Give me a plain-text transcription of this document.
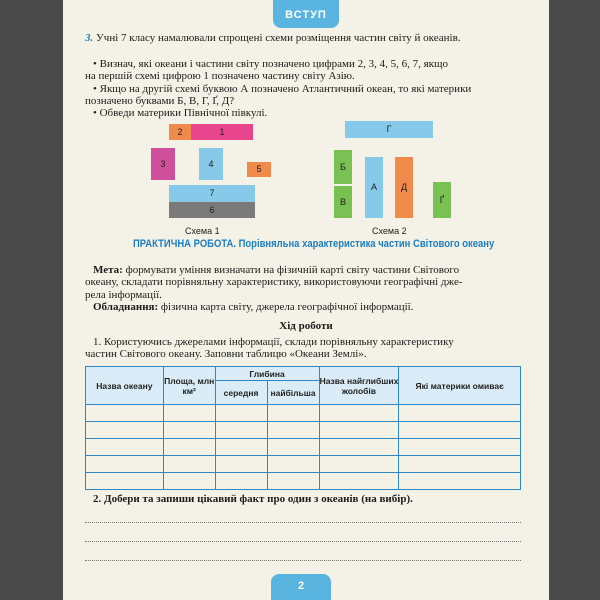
ВСТУП
3. Учні 7 класу намалювали спрощені схеми розміщення частин світу й океанів.
• Визнач, які океани і частини світу позначено цифрами 2, 3, 4, 5, 6, 7, якщо
на першій схемі цифрою 1 позначено частину світу Азію.
• Якщо на другій схемі буквою А позначено Атлантичний океан, то які материки
позначено буквами Б, В, Г, Ґ, Д?
• Обведи материки Північної півкулі.
2	1
3	4	5
7
6
Схема 1
Г
Б
В
А	Д
Ґ
Схема 2
ПРАКТИЧНА РОБОТА. Порівняльна характеристика частин Світового океану
Мета: формувати уміння визначати на фізичній карті світу частини Світового
океану, складати порівняльну характеристику, використовуючи географічні дже-
рела інформації.
Обладнання: фізична карта світу, джерела географічної інформації.
Хід роботи
1. Користуючись джерелами інформації, склади порівняльну характеристику
частин Світового океану. Заповни таблицю «Океани Землі».
Назва океану	Площа, млн км²	Глибина		Назва найглибших жолобів	Які материки омиває
		середня	найбільша		

2. Добери та запиши цікавий факт про один з океанів (на вибір).
2
